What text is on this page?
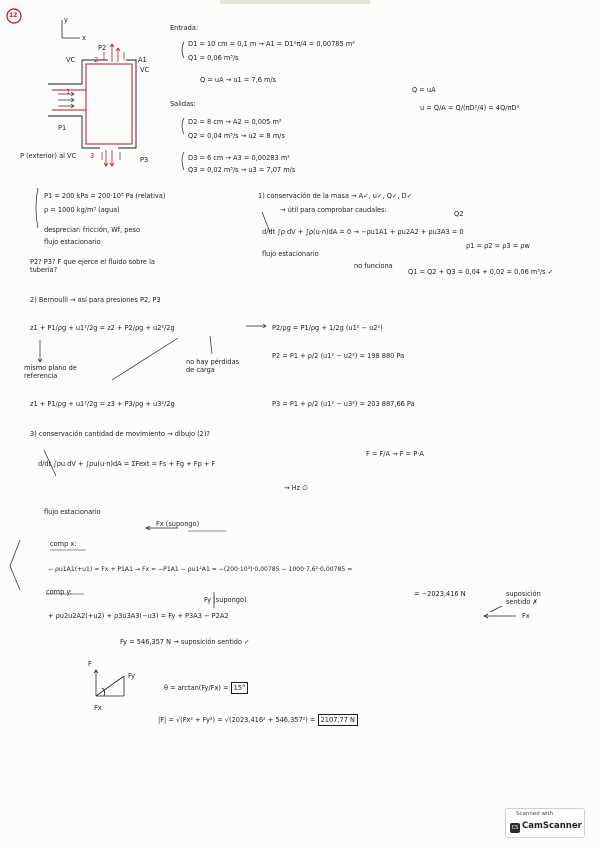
12
y
x
VC
VC
A1
2
1
3
P2
P3
P1
P (exterior) al VC
Entrada:
D1 = 10 cm = 0,1 m → A1 = D1²π/4 = 0,00785 m²
Q1 = 0,06 m³/s
Q = uA → u1 = 7,6 m/s
Salidas:
D2 = 8 cm → A2 = 0,005 m²
Q2 = 0,04 m³/s → u2 = 8 m/s
D3 = 6 cm → A3 = 0,00283 m²
Q3 = 0,02 m³/s → u3 = 7,07 m/s
Q = uA
u = Q/A = Q/(πD²/4) = 4Q/πD²
P1 = 200 kPa = 200·10³ Pa (relativa)
ρ = 1000 kg/m³ (agua)
despreciar: fricción, Wf, peso
flujo estacionario
P2? P3? F que ejerce el fluido sobre la tubería?
1) conservación de la masa → A✓, u✓, Q✓, D✓
→ útil para comprobar caudales:	Q2
d/dt ∫ρ dV + ∫ρ(u·n)dA = 0 → −ρu1A1 + ρu2A2 + ρu3A3 = 0
ρ1 = ρ2 = ρ3 = ρw
flujo estacionario
no funciona
Q1 = Q2 + Q3 = 0,04 + 0,02 = 0,06 m³/s ✓
2) Bernoulli → así para presiones P2, P3
z1 + P1/ρg + u1²/2g = z2 + P2/ρg + u2²/2g	P2/ρg = P1/ρg + 1/2g (u1² − u2²)
P2 = P1 + ρ/2 (u1² − u2²) = 198 880 Pa
mismo plano de referencia
no hay pérdidas de carga
z1 + P1/ρg + u1²/2g = z3 + P3/ρg + u3²/2g	P3 = P1 + ρ/2 (u1² − u3²) = 203 887,66 Pa
3) conservación cantidad de movimiento → dibujo (2)?
F = F/A → F = P·A
d/dt ∫ρu dV + ∫ρu(u·n)dA = ΣFext = Fs + Fg + Fp + F
flujo estacionario
→ Hz ∅
Fx (supongo)
comp x:
− ρu1A1(+u1) = Fx + P1A1 → Fx = −P1A1 − ρu1²A1 = −(200·10³)·0,00785 − 1000·7,6²·0,00785 =
= −2023,416 N	suposición sentido ✗
Fx
Fy (supongo)
comp y:
+ ρu2u2A2(+u2) + ρ3u3A3(−u3) = Fy + P3A3 − P2A2
Fy = 546,357 N → suposición sentido ✓
F
Fy
Fx
θ = arctan(Fy/Fx) = 15°
|F| = √(Fx² + Fy²) = √(2023,416² + 546,357²) = 2107,77 N
Scanned with
CS CamScanner
